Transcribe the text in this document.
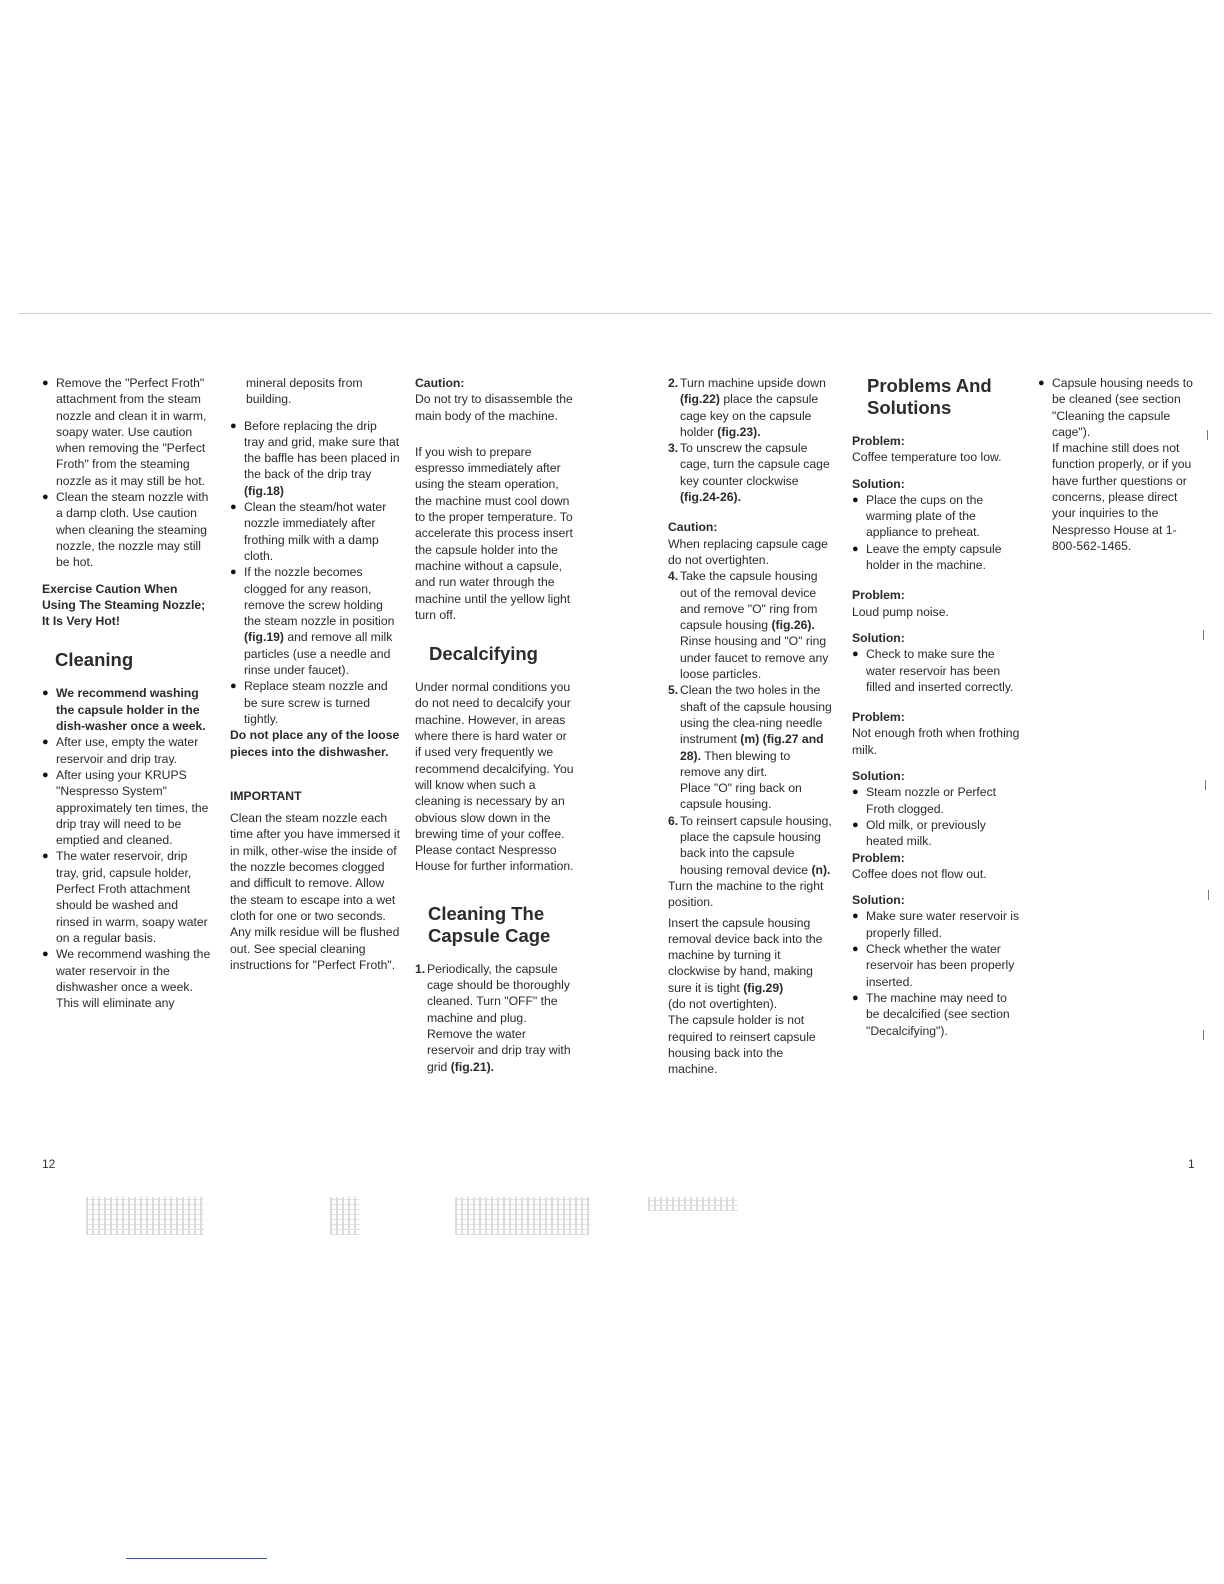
● Remove the "Perfect Froth" attachment from the steam nozzle and clean it in warm, soapy water. Use caution when removing the "Perfect Froth" from the steaming nozzle as it may still be hot.

● Clean the steam nozzle with a damp cloth. Use caution when cleaning the steaming nozzle, the nozzle may still be hot.

Exercise Caution When Using The Steaming Nozzle; It Is Very Hot!

Cleaning

● We recommend washing the capsule holder in the dish-washer once a week.

● After use, empty the water reservoir and drip tray.

● After using your KRUPS "Nespresso System" approximately ten times, the drip tray will need to be emptied and cleaned.

● The water reservoir, drip tray, grid, capsule holder, Perfect Froth attachment should be washed and rinsed in warm, soapy water on a regular basis.

● We recommend washing the water reservoir in the dishwasher once a week. This will eliminate any

mineral deposits from building.

● Before replacing the drip tray and grid, make sure that the baffle has been placed in the back of the drip tray (fig.18)

● Clean the steam/hot water nozzle immediately after frothing milk with a damp cloth.

● If the nozzle becomes clogged for any reason, remove the screw holding the steam nozzle in position (fig.19) and remove all milk particles (use a needle and rinse under faucet).

● Replace steam nozzle and be sure screw is turned tightly.

Do not place any of the loose pieces into the dishwasher.

IMPORTANT

Clean the steam nozzle each time after you have immersed it in milk, other-wise the inside of the nozzle becomes clogged and difficult to remove. Allow the steam to escape into a wet cloth for one or two seconds.

Any milk residue will be flushed out. See special cleaning instructions for "Perfect Froth".

Caution:

Do not try to disassemble the main body of the machine.

If you wish to prepare espresso immediately after using the steam operation, the machine must cool down to the proper temperature. To accelerate this process insert the capsule holder into the machine without a capsule, and run water through the machine until the yellow light turn off.

Decalcifying

Under normal conditions you do not need to decalcify your machine. However, in areas where there is hard water or if used very frequently we recommend decalcifying. You will know when such a cleaning is necessary by an obvious slow down in the brewing time of your coffee. Please contact Nespresso House for further information.

Cleaning The Capsule Cage

1. Periodically, the capsule cage should be thoroughly cleaned. Turn "OFF" the machine and plug. Remove the water reservoir and drip tray with grid (fig.21).

2. Turn machine upside down (fig.22) place the capsule cage key on the capsule holder (fig.23).

3. To unscrew the capsule cage, turn the capsule cage key counter clockwise (fig.24-26).

Caution:

When replacing capsule cage do not overtighten.

4. Take the capsule housing out of the removal device and remove "O" ring from capsule housing (fig.26). Rinse housing and "O" ring under faucet to remove any loose particles.

5. Clean the two holes in the shaft of the capsule housing using the clea-ning needle instrument (m) (fig.27 and 28). Then blewing to remove any dirt.
Place "O" ring back on capsule housing.

6. To reinsert capsule housing, place the capsule housing back into the capsule housing removal device (n).

Turn the machine to the right position.

Insert the capsule housing removal device back into the machine by turning it clockwise by hand, making sure it is tight (fig.29)
(do not overtighten).

The capsule holder is not required to reinsert capsule housing back into the machine.

Problems And Solutions

Problem:

Coffee temperature too low.

Solution:

● Place the cups on the warming plate of the appliance to preheat.

● Leave the empty capsule holder in the machine.

Problem:

Loud pump noise.

Solution:

● Check to make sure the water reservoir has been filled and inserted correctly.

Problem:

Not enough froth when frothing milk.

Solution:

● Steam nozzle or Perfect Froth clogged.

● Old milk, or previously heated milk.

Problem:

Coffee does not flow out.

Solution:

● Make sure water reservoir is properly filled.

● Check whether the water reservoir has been properly inserted.

● The machine may need to be decalcified (see section "Decalcifying").

● Capsule housing needs to be cleaned (see section "Cleaning the capsule cage").

If machine still does not function properly, or if you have further questions or concerns, please direct your inquiries to the Nespresso House at 1-800-562-1465.

12	1
